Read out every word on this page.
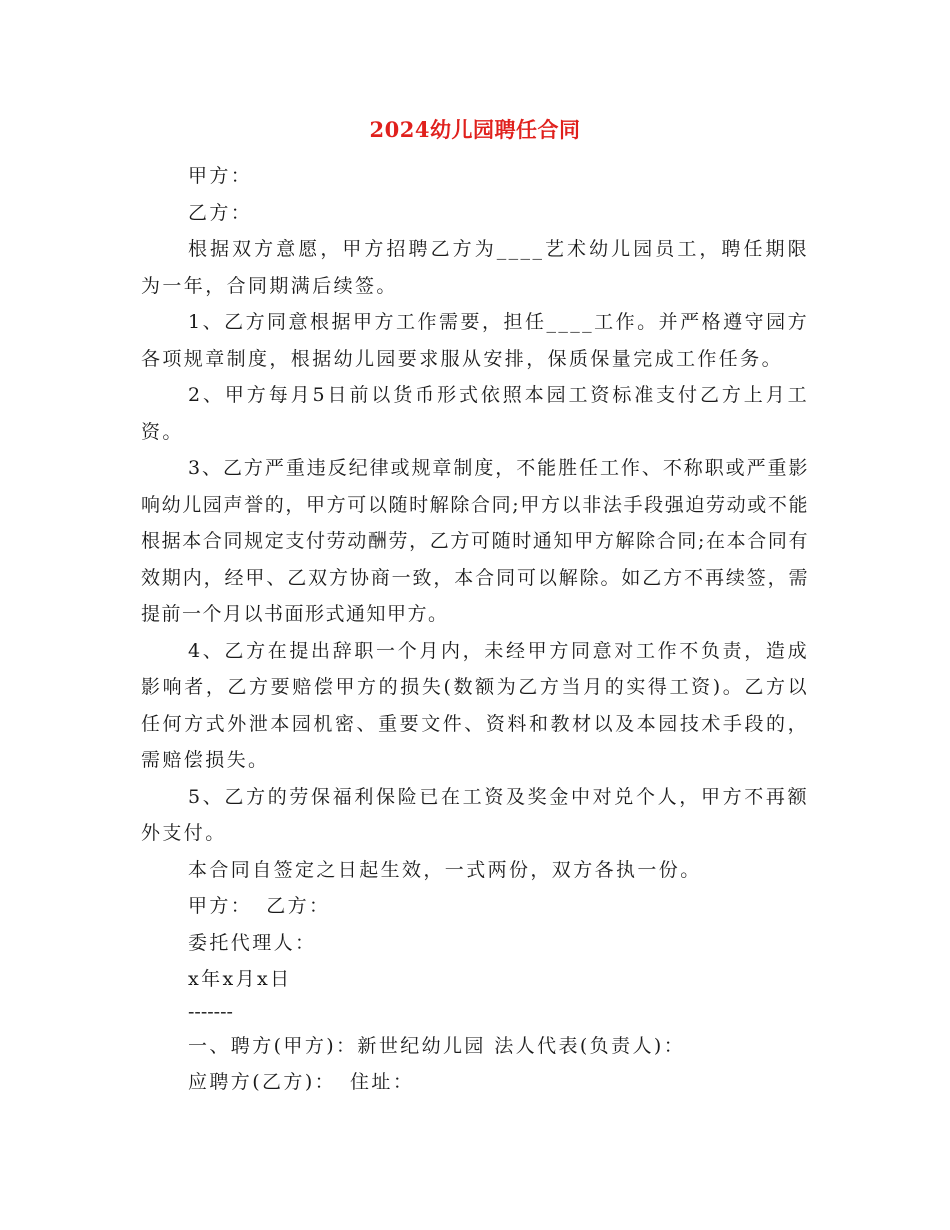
2024幼儿园聘任合同

甲方：

乙方：

根据双方意愿，甲方招聘乙方为____艺术幼儿园员工，聘任期限为一年，合同期满后续签。

1、乙方同意根据甲方工作需要，担任____工作。并严格遵守园方各项规章制度，根据幼儿园要求服从安排，保质保量完成工作任务。

2、甲方每月5日前以货币形式依照本园工资标准支付乙方上月工资。

3、乙方严重违反纪律或规章制度，不能胜任工作、不称职或严重影响幼儿园声誉的，甲方可以随时解除合同;甲方以非法手段强迫劳动或不能根据本合同规定支付劳动酬劳，乙方可随时通知甲方解除合同;在本合同有效期内，经甲、乙双方协商一致，本合同可以解除。如乙方不再续签，需提前一个月以书面形式通知甲方。

4、乙方在提出辞职一个月内，未经甲方同意对工作不负责，造成影响者，乙方要赔偿甲方的损失(数额为乙方当月的实得工资)。乙方以任何方式外泄本园机密、重要文件、资料和教材以及本园技术手段的，需赔偿损失。

5、乙方的劳保福利保险已在工资及奖金中对兑个人，甲方不再额外支付。

本合同自签定之日起生效，一式两份，双方各执一份。

甲方： 乙方：

委托代理人：

x年x月x日

-------

一、聘方(甲方)：新世纪幼儿园 法人代表(负责人)：

应聘方(乙方)： 住址：
